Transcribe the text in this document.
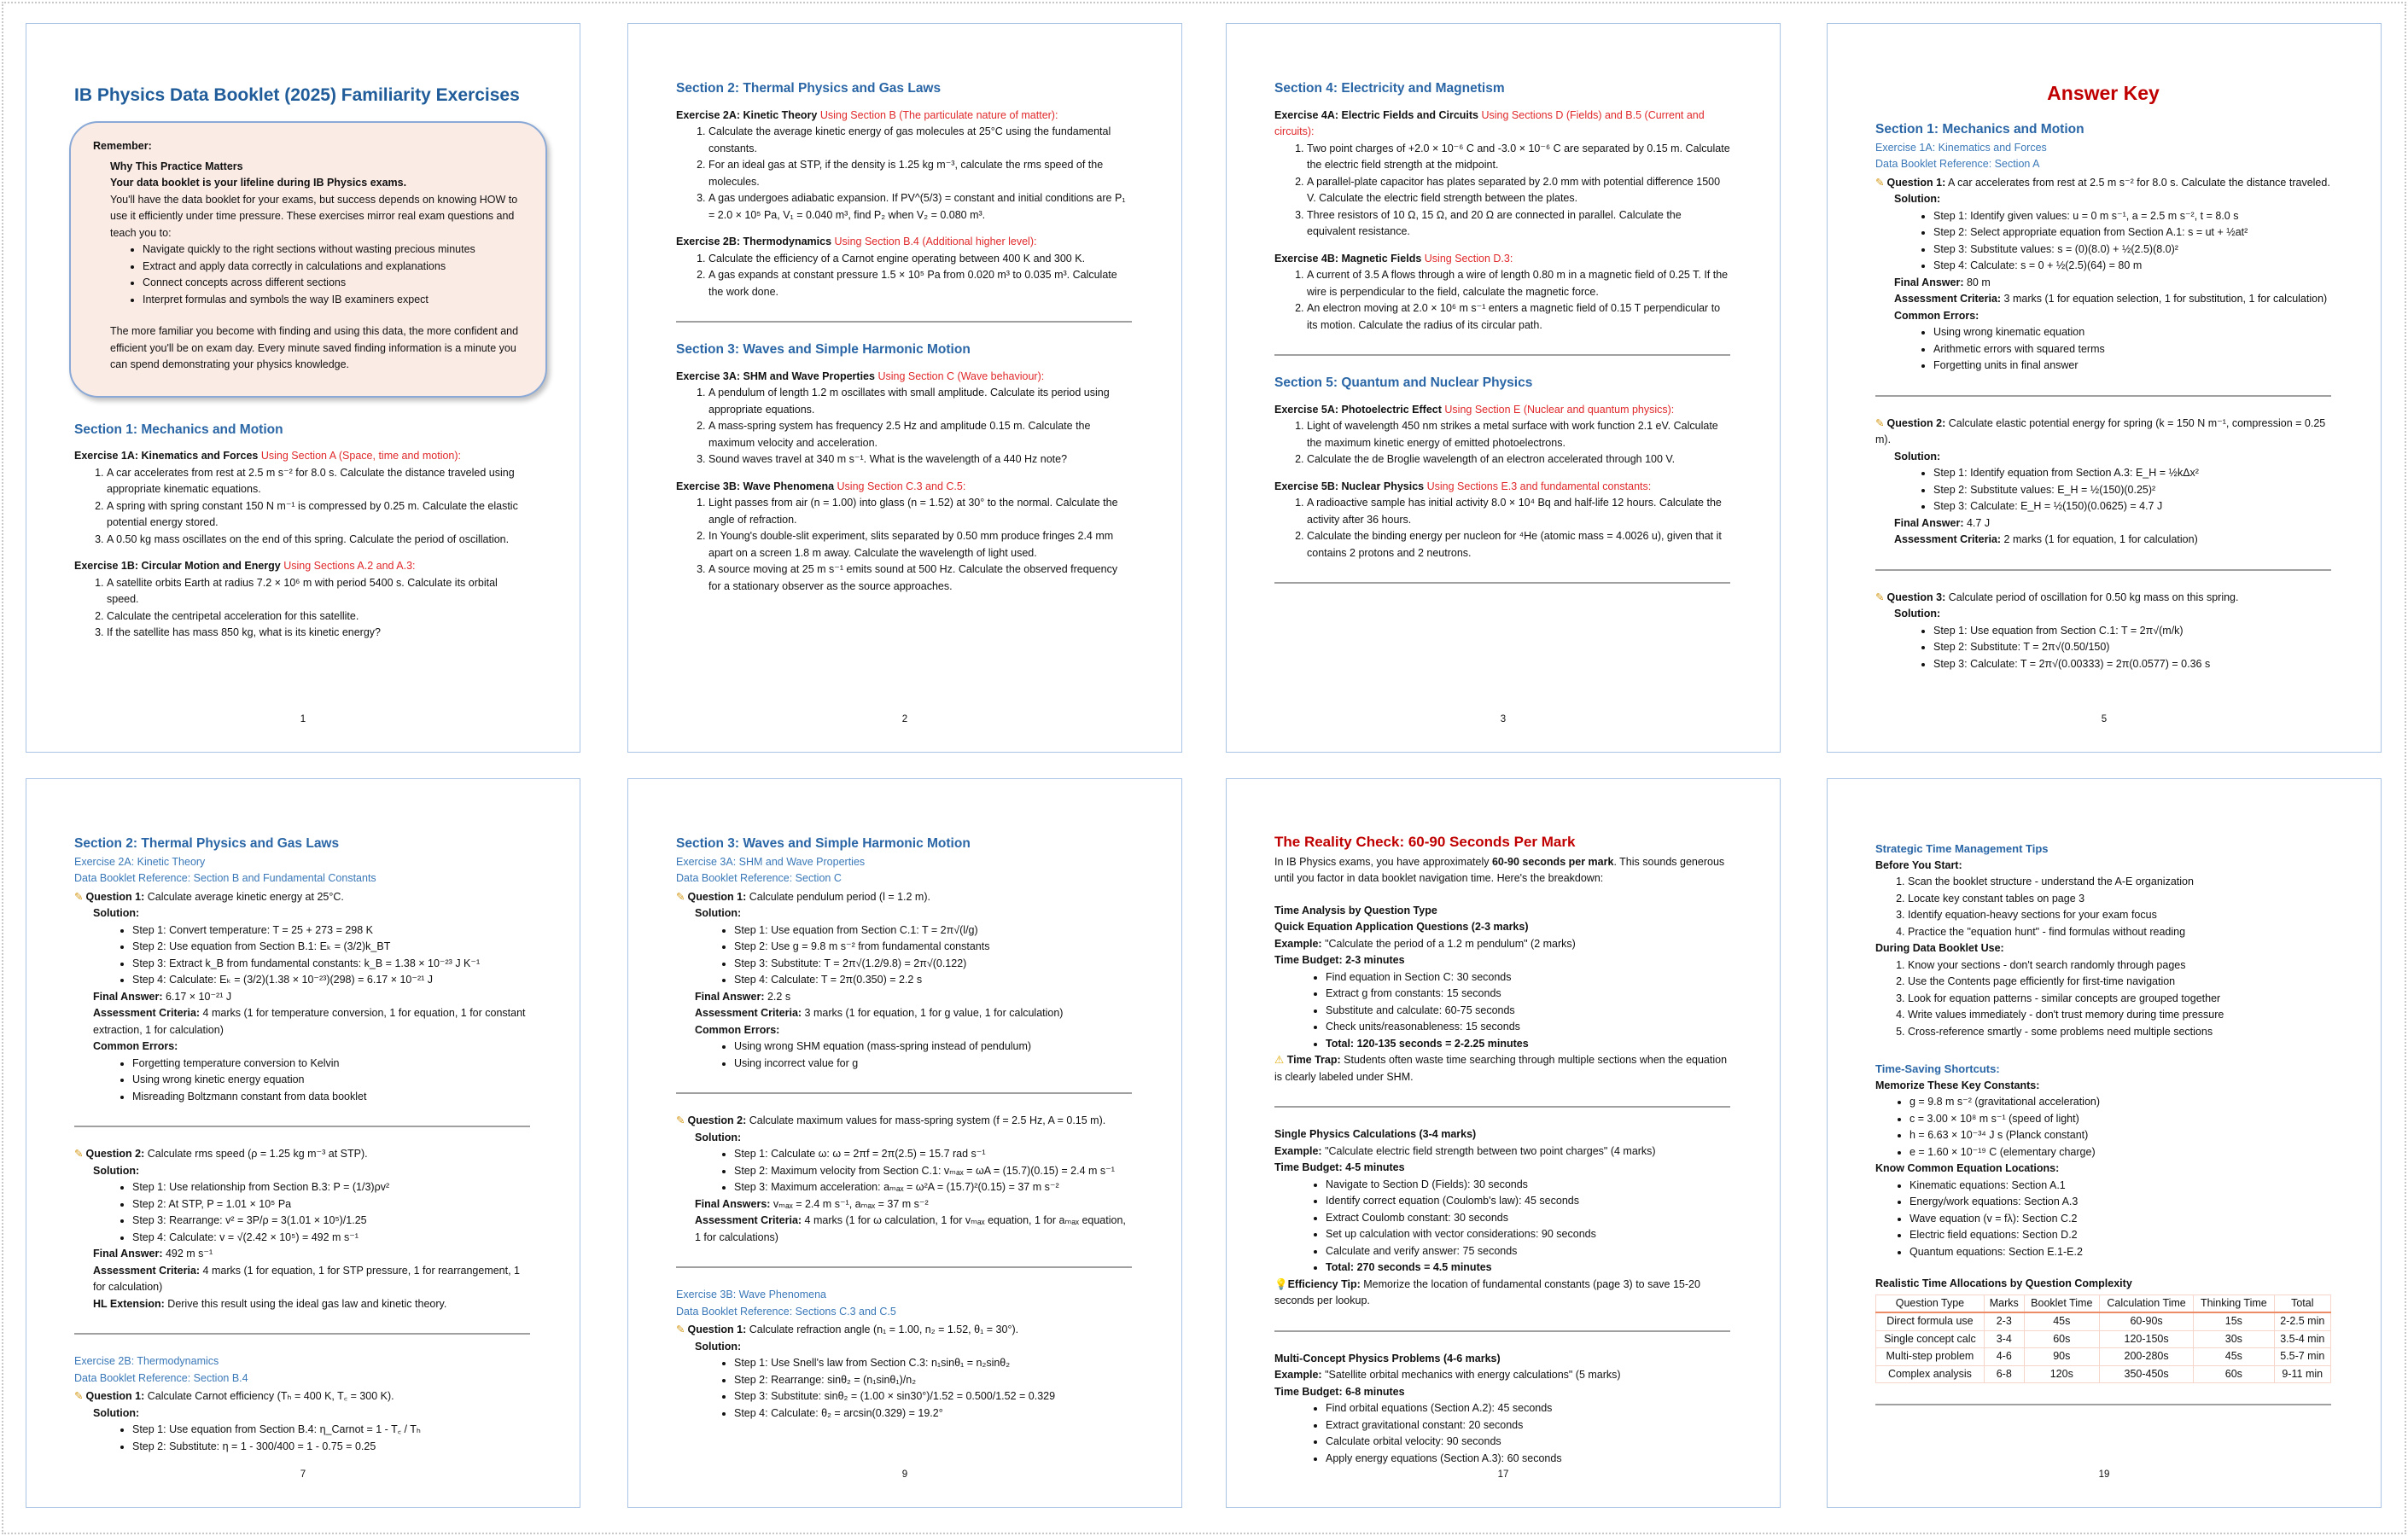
IB Physics Data Booklet (2025) Familiarity Exercises
Remember:
Why This Practice Matters
Your data booklet is your lifeline during IB Physics exams.
You'll have the data booklet for your exams, but success depends on knowing HOW to use it efficiently under time pressure. These exercises mirror real exam questions and teach you to:
• Navigate quickly to the right sections without wasting precious minutes
• Extract and apply data correctly in calculations and explanations
• Connect concepts across different sections
• Interpret formulas and symbols the way IB examiners expect
The more familiar you become with finding and using this data, the more confident and efficient you'll be on exam day. Every minute saved finding information is a minute you can spend demonstrating your physics knowledge.
Section 1: Mechanics and Motion
Exercise 1A: Kinematics and Forces Using Section A (Space, time and motion):
1. A car accelerates from rest at 2.5 m s⁻² for 8.0 s. Calculate the distance traveled using appropriate kinematic equations.
2. A spring with spring constant 150 N m⁻¹ is compressed by 0.25 m. Calculate the elastic potential energy stored.
3. A 0.50 kg mass oscillates on the end of this spring. Calculate the period of oscillation.
Exercise 1B: Circular Motion and Energy Using Sections A.2 and A.3:
1. A satellite orbits Earth at radius 7.2 × 10⁶ m with period 5400 s. Calculate its orbital speed.
2. Calculate the centripetal acceleration for this satellite.
3. If the satellite has mass 850 kg, what is its kinetic energy?
1
Section 2: Thermal Physics and Gas Laws
Exercise 2A: Kinetic Theory Using Section B (The particulate nature of matter):
1. Calculate the average kinetic energy of gas molecules at 25°C using the fundamental constants.
2. For an ideal gas at STP, if the density is 1.25 kg m⁻³, calculate the rms speed of the molecules.
3. A gas undergoes adiabatic expansion. If PV^(5/3) = constant and initial conditions are P₁ = 2.0 × 10⁵ Pa, V₁ = 0.040 m³, find P₂ when V₂ = 0.080 m³.
Exercise 2B: Thermodynamics Using Section B.4 (Additional higher level):
1. Calculate the efficiency of a Carnot engine operating between 400 K and 300 K.
2. A gas expands at constant pressure 1.5 × 10⁵ Pa from 0.020 m³ to 0.035 m³. Calculate the work done.
Section 3: Waves and Simple Harmonic Motion
Exercise 3A: SHM and Wave Properties Using Section C (Wave behaviour):
1. A pendulum of length 1.2 m oscillates with small amplitude. Calculate its period using appropriate equations.
2. A mass-spring system has frequency 2.5 Hz and amplitude 0.15 m. Calculate the maximum velocity and acceleration.
3. Sound waves travel at 340 m s⁻¹. What is the wavelength of a 440 Hz note?
Exercise 3B: Wave Phenomena Using Section C.3 and C.5:
1. Light passes from air (n = 1.00) into glass (n = 1.52) at 30° to the normal. Calculate the angle of refraction.
2. In Young's double-slit experiment, slits separated by 0.50 mm produce fringes 2.4 mm apart on a screen 1.8 m away. Calculate the wavelength of light used.
3. A source moving at 25 m s⁻¹ emits sound at 500 Hz. Calculate the observed frequency for a stationary observer as the source approaches.
2
Section 4: Electricity and Magnetism
Exercise 4A: Electric Fields and Circuits Using Sections D (Fields) and B.5 (Current and circuits):
1. Two point charges of +2.0 × 10⁻⁶ C and -3.0 × 10⁻⁶ C are separated by 0.15 m. Calculate the electric field strength at the midpoint.
2. A parallel-plate capacitor has plates separated by 2.0 mm with potential difference 1500 V. Calculate the electric field strength between the plates.
3. Three resistors of 10 Ω, 15 Ω, and 20 Ω are connected in parallel. Calculate the equivalent resistance.
Exercise 4B: Magnetic Fields Using Section D.3:
1. A current of 3.5 A flows through a wire of length 0.80 m in a magnetic field of 0.25 T. If the wire is perpendicular to the field, calculate the magnetic force.
2. An electron moving at 2.0 × 10⁶ m s⁻¹ enters a magnetic field of 0.15 T perpendicular to its motion. Calculate the radius of its circular path.
Section 5: Quantum and Nuclear Physics
Exercise 5A: Photoelectric Effect Using Section E (Nuclear and quantum physics):
1. Light of wavelength 450 nm strikes a metal surface with work function 2.1 eV. Calculate the maximum kinetic energy of emitted photoelectrons.
2. Calculate the de Broglie wavelength of an electron accelerated through 100 V.
Exercise 5B: Nuclear Physics Using Sections E.3 and fundamental constants:
1. A radioactive sample has initial activity 8.0 × 10⁴ Bq and half-life 12 hours. Calculate the activity after 36 hours.
2. Calculate the binding energy per nucleon for ⁴He (atomic mass = 4.0026 u), given that it contains 2 protons and 2 neutrons.
3
Answer Key
Section 1: Mechanics and Motion
Exercise 1A: Kinematics and Forces
Data Booklet Reference: Section A
✎ Question 1: A car accelerates from rest at 2.5 m s⁻² for 8.0 s. Calculate the distance traveled.
Solution:
• Step 1: Identify given values: u = 0 m s⁻¹, a = 2.5 m s⁻², t = 8.0 s
• Step 2: Select appropriate equation from Section A.1: s = ut + ½at²
• Step 3: Substitute values: s = (0)(8.0) + ½(2.5)(8.0)²
• Step 4: Calculate: s = 0 + ½(2.5)(64) = 80 m
Final Answer: 80 m
Assessment Criteria: 3 marks (1 for equation selection, 1 for substitution, 1 for calculation)
Common Errors:
• Using wrong kinematic equation
• Arithmetic errors with squared terms
• Forgetting units in final answer
✎ Question 2: Calculate elastic potential energy for spring (k = 150 N m⁻¹, compression = 0.25 m).
Solution:
• Step 1: Identify equation from Section A.3: E_H = ½kΔx²
• Step 2: Substitute values: E_H = ½(150)(0.25)²
• Step 3: Calculate: E_H = ½(150)(0.0625) = 4.7 J
Final Answer: 4.7 J
Assessment Criteria: 2 marks (1 for equation, 1 for calculation)
✎ Question 3: Calculate period of oscillation for 0.50 kg mass on this spring.
Solution:
• Step 1: Use equation from Section C.1: T = 2π√(m/k)
• Step 2: Substitute: T = 2π√(0.50/150)
• Step 3: Calculate: T = 2π√(0.00333) = 2π(0.0577) = 0.36 s
5
Section 2: Thermal Physics and Gas Laws
Exercise 2A: Kinetic Theory
Data Booklet Reference: Section B and Fundamental Constants
✎ Question 1: Calculate average kinetic energy at 25°C.
Solution:
• Step 1: Convert temperature: T = 25 + 273 = 298 K
• Step 2: Use equation from Section B.1: Eₖ = (3/2)k_BT
• Step 3: Extract k_B from fundamental constants: k_B = 1.38 × 10⁻²³ J K⁻¹
• Step 4: Calculate: Eₖ = (3/2)(1.38 × 10⁻²³)(298) = 6.17 × 10⁻²¹ J
Final Answer: 6.17 × 10⁻²¹ J
Assessment Criteria: 4 marks (1 for temperature conversion, 1 for equation, 1 for constant extraction, 1 for calculation)
Common Errors:
• Forgetting temperature conversion to Kelvin
• Using wrong kinetic energy equation
• Misreading Boltzmann constant from data booklet
✎ Question 2: Calculate rms speed (ρ = 1.25 kg m⁻³ at STP).
Solution:
• Step 1: Use relationship from Section B.3: P = (1/3)ρv²
• Step 2: At STP, P = 1.01 × 10⁵ Pa
• Step 3: Rearrange: v² = 3P/ρ = 3(1.01 × 10⁵)/1.25
• Step 4: Calculate: v = √(2.42 × 10⁵) = 492 m s⁻¹
Final Answer: 492 m s⁻¹
Assessment Criteria: 4 marks (1 for equation, 1 for STP pressure, 1 for rearrangement, 1 for calculation)
HL Extension: Derive this result using the ideal gas law and kinetic theory.
Exercise 2B: Thermodynamics
Data Booklet Reference: Section B.4
✎ Question 1: Calculate Carnot efficiency (Tₕ = 400 K, T꜀ = 300 K).
Solution:
• Step 1: Use equation from Section B.4: η_Carnot = 1 - T꜀ / Tₕ
• Step 2: Substitute: η = 1 - 300/400 = 1 - 0.75 = 0.25
7
Section 3: Waves and Simple Harmonic Motion
Exercise 3A: SHM and Wave Properties
Data Booklet Reference: Section C
✎ Question 1: Calculate pendulum period (l = 1.2 m).
Solution:
• Step 1: Use equation from Section C.1: T = 2π√(l/g)
• Step 2: Use g = 9.8 m s⁻² from fundamental constants
• Step 3: Substitute: T = 2π√(1.2/9.8) = 2π√(0.122)
• Step 4: Calculate: T = 2π(0.350) = 2.2 s
Final Answer: 2.2 s
Assessment Criteria: 3 marks (1 for equation, 1 for g value, 1 for calculation)
Common Errors:
• Using wrong SHM equation (mass-spring instead of pendulum)
• Using incorrect value for g
✎ Question 2: Calculate maximum values for mass-spring system (f = 2.5 Hz, A = 0.15 m).
Solution:
• Step 1: Calculate ω: ω = 2πf = 2π(2.5) = 15.7 rad s⁻¹
• Step 2: Maximum velocity from Section C.1: vₘₐₓ = ωA = (15.7)(0.15) = 2.4 m s⁻¹
• Step 3: Maximum acceleration: aₘₐₓ = ω²A = (15.7)²(0.15) = 37 m s⁻²
Final Answers: vₘₐₓ = 2.4 m s⁻¹, aₘₐₓ = 37 m s⁻²
Assessment Criteria: 4 marks (1 for ω calculation, 1 for vₘₐₓ equation, 1 for aₘₐₓ equation, 1 for calculations)
Exercise 3B: Wave Phenomena
Data Booklet Reference: Sections C.3 and C.5
✎ Question 1: Calculate refraction angle (n₁ = 1.00, n₂ = 1.52, θ₁ = 30°).
Solution:
• Step 1: Use Snell's law from Section C.3: n₁sinθ₁ = n₂sinθ₂
• Step 2: Rearrange: sinθ₂ = (n₁sinθ₁)/n₂
• Step 3: Substitute: sinθ₂ = (1.00 × sin30°)/1.52 = 0.500/1.52 = 0.329
• Step 4: Calculate: θ₂ = arcsin(0.329) = 19.2°
9
The Reality Check: 60-90 Seconds Per Mark
In IB Physics exams, you have approximately 60-90 seconds per mark. This sounds generous until you factor in data booklet navigation time. Here's the breakdown:
Time Analysis by Question Type
Quick Equation Application Questions (2-3 marks)
Example: "Calculate the period of a 1.2 m pendulum" (2 marks)
Time Budget: 2-3 minutes
• Find equation in Section C: 30 seconds
• Extract g from constants: 15 seconds
• Substitute and calculate: 60-75 seconds
• Check units/reasonableness: 15 seconds
• Total: 120-135 seconds = 2-2.25 minutes
⚠ Time Trap: Students often waste time searching through multiple sections when the equation is clearly labeled under SHM.
Single Physics Calculations (3-4 marks)
Example: "Calculate electric field strength between two point charges" (4 marks)
Time Budget: 4-5 minutes
• Navigate to Section D (Fields): 30 seconds
• Identify correct equation (Coulomb's law): 45 seconds
• Extract Coulomb constant: 30 seconds
• Set up calculation with vector considerations: 90 seconds
• Calculate and verify answer: 75 seconds
• Total: 270 seconds = 4.5 minutes
💡Efficiency Tip: Memorize the location of fundamental constants (page 3) to save 15-20 seconds per lookup.
Multi-Concept Physics Problems (4-6 marks)
Example: "Satellite orbital mechanics with energy calculations" (5 marks)
Time Budget: 6-8 minutes
• Find orbital equations (Section A.2): 45 seconds
• Extract gravitational constant: 20 seconds
• Calculate orbital velocity: 90 seconds
• Apply energy equations (Section A.3): 60 seconds
17
Strategic Time Management Tips
Before You Start:
1. Scan the booklet structure - understand the A-E organization
2. Locate key constant tables on page 3
3. Identify equation-heavy sections for your exam focus
4. Practice the "equation hunt" - find formulas without reading
During Data Booklet Use:
1. Know your sections - don't search randomly through pages
2. Use the Contents page efficiently for first-time navigation
3. Look for equation patterns - similar concepts are grouped together
4. Write values immediately - don't trust memory during time pressure
5. Cross-reference smartly - some problems need multiple sections
Time-Saving Shortcuts:
Memorize These Key Constants:
• g = 9.8 m s⁻² (gravitational acceleration)
• c = 3.00 × 10⁸ m s⁻¹ (speed of light)
• h = 6.63 × 10⁻³⁴ J s (Planck constant)
• e = 1.60 × 10⁻¹⁹ C (elementary charge)
Know Common Equation Locations:
• Kinematic equations: Section A.1
• Energy/work equations: Section A.3
• Wave equation (v = fλ): Section C.2
• Electric field equations: Section D.2
• Quantum equations: Section E.1-E.2
Realistic Time Allocations by Question Complexity
Question Type	Marks	Booklet Time	Calculation Time	Thinking Time	Total
Direct formula use	2-3	45s	60-90s	15s	2-2.5 min
Single concept calc	3-4	60s	120-150s	30s	3.5-4 min
Multi-step problem	4-6	90s	200-280s	45s	5.5-7 min
Complex analysis	6-8	120s	350-450s	60s	9-11 min
19
